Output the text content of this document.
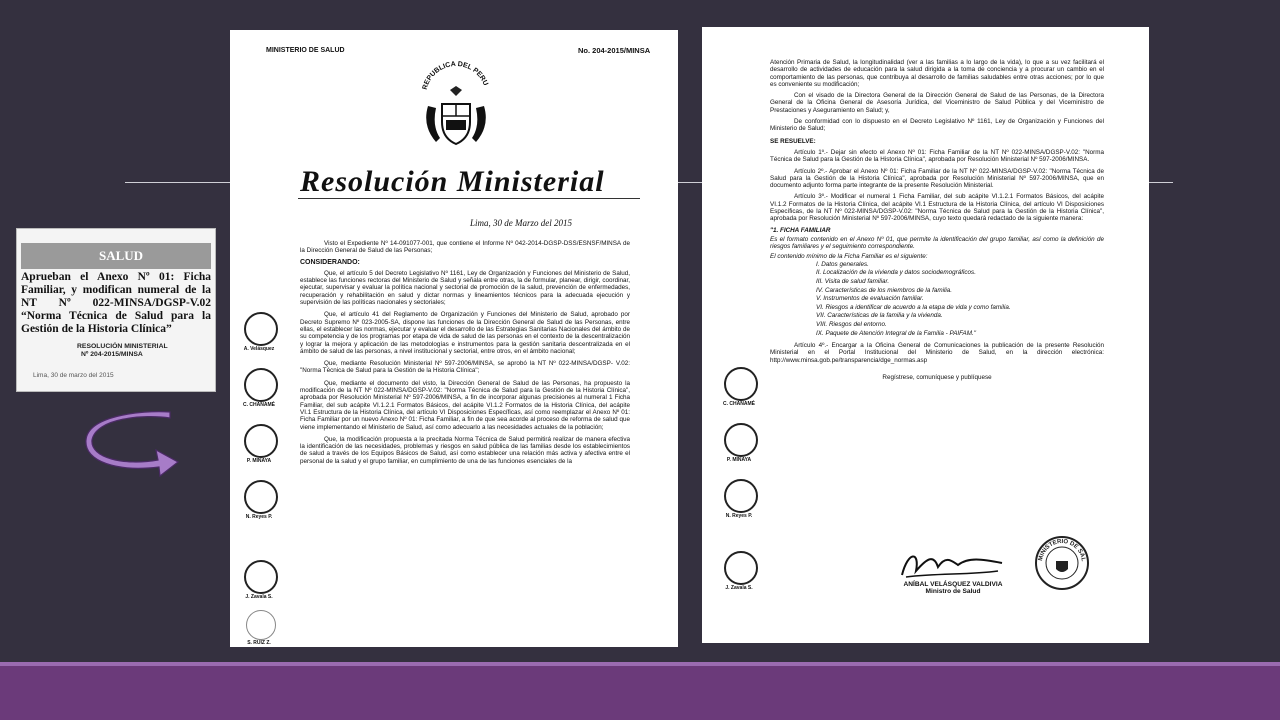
SALUD
Aprueban el Anexo Nº 01: Ficha Familiar, y modifican numeral de la NT Nº 022-MINSA/DGSP-V.02 “Norma Técnica de Salud para la Gestión de la Historia Clínica”
RESOLUCIÓN MINISTERIAL
Nº 204-2015/MINSA
Lima, 30 de marzo del 2015
MINISTERIO DE SALUD	No. 204-2015/MINSA
REPUBLICA DEL PERU
Resolución Ministerial
Lima, 30 de Marzo del 2015

Visto el Expediente Nº 14-091077-001, que contiene el Informe Nº 042-2014-DGSP-DSS/ESNSF/MINSA de la Dirección General de Salud de las Personas;

CONSIDERANDO:

Que, el artículo 5 del Decreto Legislativo Nº 1161, Ley de Organización y Funciones del Ministerio de Salud, establece las funciones rectoras del Ministerio de Salud y señala entre otras, la de formular, planear, dirigir, coordinar, ejecutar, supervisar y evaluar la política nacional y sectorial de promoción de la salud, prevención de enfermedades, recuperación y rehabilitación en salud y dictar normas y lineamientos técnicos para la adecuada ejecución y supervisión de las políticas nacionales y sectoriales;

Que, el artículo 41 del Reglamento de Organización y Funciones del Ministerio de Salud, aprobado por Decreto Supremo Nº 023-2005-SA, dispone las funciones de la Dirección General de Salud de las Personas, entre ellas, el establecer las normas, ejecutar y evaluar el desarrollo de las Estrategias Sanitarias Nacionales del ámbito de su competencia y de los programas por etapa de vida de salud de las personas en el contexto de la descentralización y lograr la mejora y aplicación de las metodologías e instrumentos para la gestión sanitaria descentralizada en el ámbito de salud de las personas, a nivel institucional y sectorial, entre otros, en el ámbito nacional;

Que, mediante Resolución Ministerial Nº 597-2006/MINSA, se aprobó la NT Nº 022-MINSA/DGSP- V.02: "Norma Técnica de Salud para la Gestión de la Historia Clínica";

Que, mediante el documento del visto, la Dirección General de Salud de las Personas, ha propuesto la modificación de la NT Nº 022-MINSA/DGSP-V.02: "Norma Técnica de Salud para la Gestión de la Historia Clínica", aprobada por Resolución Ministerial Nº 597-2006/MINSA, a fin de incorporar algunas precisiones al numeral 1 Ficha Familiar, del sub acápite VI.1.2.1 Formatos Básicos, del acápite VI.1.2 Formatos de la Historia Clínica, del acápite VI.1 Estructura de la Historia Clínica, del artículo VI Disposiciones Específicas, así como reemplazar el Anexo Nº 01: Ficha Familiar por un nuevo Anexo Nº 01: Ficha Familiar, a fin de que sea acorde al proceso de reforma de salud que viene implementando el Ministerio de Salud, así como adecuarlo a las necesidades actuales de la población;

Que, la modificación propuesta a la precitada Norma Técnica de Salud permitirá realizar de manera efectiva la identificación de las necesidades, problemas y riesgos en salud pública de las familias desde los establecimientos de salud a través de los Equipos Básicos de Salud, así como establecer una relación más activa y afectiva entre el personal de la salud y el grupo familiar, en cumplimiento de una de las funciones esenciales de la

A. Velásquez
C. CHANAMÉ
P. MINAYA
N. Reyes P.
J. Zavala S.
S. RUIZ Z.

Atención Primaria de Salud, la longitudinalidad (ver a las familias a lo largo de la vida), lo que a su vez facilitará el desarrollo de actividades de educación para la salud dirigida a la toma de conciencia y a procurar un cambio en el comportamiento de las personas, que contribuya al desarrollo de familias saludables entre otras acciones; por lo que es conveniente su modificación;

Con el visado de la Directora General de la Dirección General de Salud de las Personas, de la Directora General de la Oficina General de Asesoría Jurídica, del Viceministro de Salud Pública y del Viceministro de Prestaciones y Aseguramiento en Salud; y,

De conformidad con lo dispuesto en el Decreto Legislativo Nº 1161, Ley de Organización y Funciones del Ministerio de Salud;

SE RESUELVE:

Artículo 1º.- Dejar sin efecto el Anexo Nº 01: Ficha Familiar de la NT Nº 022-MINSA/DGSP-V.02: "Norma Técnica de Salud para la Gestión de la Historia Clínica", aprobada por Resolución Ministerial Nº 597-2006/MINSA.

Artículo 2º.- Aprobar el Anexo Nº 01: Ficha Familiar de la NT Nº 022-MINSA/DGSP-V.02: "Norma Técnica de Salud para la Gestión de la Historia Clínica", aprobada por Resolución Ministerial Nº 597-2006/MINSA, que en documento adjunto forma parte integrante de la presente Resolución Ministerial.

Artículo 3º.- Modificar el numeral 1 Ficha Familiar, del sub acápite VI.1.2.1 Formatos Básicos, del acápite VI.1.2 Formatos de la Historia Clínica, del acápite VI.1 Estructura de la Historia Clínica, del artículo VI Disposiciones Específicas, de la NT Nº 022-MINSA/DGSP-V.02: "Norma Técnica de Salud para la Gestión de la Historia Clínica", aprobada por Resolución Ministerial Nº 597-2006/MINSA, cuyo texto quedará redactado de la siguiente manera:

"1. FICHA FAMILIAR

Es el formato contenido en el Anexo Nº 01, que permite la identificación del grupo familiar, así como la definición de riesgos familiares y el seguimiento correspondiente.

El contenido mínimo de la Ficha Familiar es el siguiente:

I. Datos generales.

II. Localización de la vivienda y datos sociodemográficos.

III. Visita de salud familiar.

IV. Características de los miembros de la familia.

V. Instrumentos de evaluación familiar.

VI. Riesgos a identificar de acuerdo a la etapa de vida y como familia.

VII. Características de la familia y la vivienda.

VIII. Riesgos del entorno.

IX. Paquete de Atención Integral de la Familia - PAIFAM."

Artículo 4º.- Encargar a la Oficina General de Comunicaciones la publicación de la presente Resolución Ministerial en el Portal Institucional del Ministerio de Salud, en la dirección electrónica: http://www.minsa.gob.pe/transparencia/dge_normas.asp

Regístrese, comuníquese y publíquese

ANÍBAL VELÁSQUEZ VALDIVIA
Ministro de Salud
MINISTERIO DE SAL
C. CHANAMÉ
P. MINAYA
N. Reyes P.
J. Zavala S.
